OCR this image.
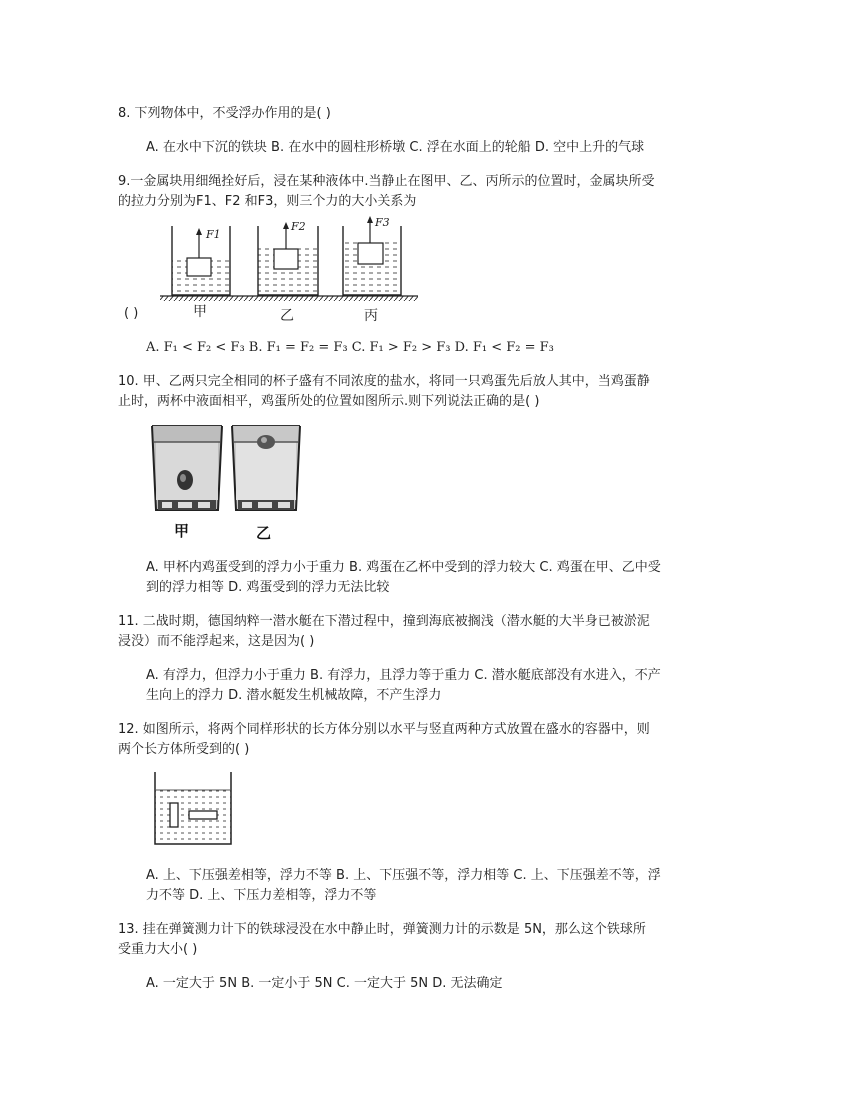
8. 下列物体中，不受浮办作用的是( )
A. 在水中下沉的铁块 B. 在水中的圆柱形桥墩 C. 浮在水面上的轮船 D. 空中上升的气球
9.一金属块用细绳拴好后，浸在某种液体中.当静止在图甲、乙、丙所示的位置时，金属块所受
的拉力分别为F1、F2 和F3，则三个力的大小关系为
F1
F2	F3
甲	乙	丙
( )
A. F₁ < F₂ < F₃ B. F₁ = F₂ = F₃ C. F₁ > F₂ > F₃ D. F₁ < F₂ = F₃
10. 甲、乙两只完全相同的杯子盛有不同浓度的盐水，将同一只鸡蛋先后放人其中，当鸡蛋静
止时，两杯中液面相平，鸡蛋所处的位置如图所示.则下列说法正确的是( )
甲	乙
A. 甲杯内鸡蛋受到的浮力小于重力 B. 鸡蛋在乙杯中受到的浮力较大 C. 鸡蛋在甲、乙中受
到的浮力相等 D. 鸡蛋受到的浮力无法比较
11. 二战时期，德国纳粹一潜水艇在下潜过程中，撞到海底被搁浅（潜水艇的大半身已被淤泥
浸没）而不能浮起来，这是因为( )
A. 有浮力，但浮力小于重力 B. 有浮力，且浮力等于重力 C. 潜水艇底部没有水进入，不产
生向上的浮力 D. 潜水艇发生机械故障，不产生浮力
12. 如图所示，将两个同样形状的长方体分别以水平与竖直两种方式放置在盛水的容器中，则
两个长方体所受到的( )
A. 上、下压强差相等，浮力不等 B. 上、下压强不等，浮力相等 C. 上、下压强差不等，浮
力不等 D. 上、下压力差相等，浮力不等
13. 挂在弹簧测力计下的铁球浸没在水中静止时，弹簧测力计的示数是 5N，那么这个铁球所
受重力大小( )
A. 一定大于 5N B. 一定小于 5N C. 一定大于 5N D. 无法确定
